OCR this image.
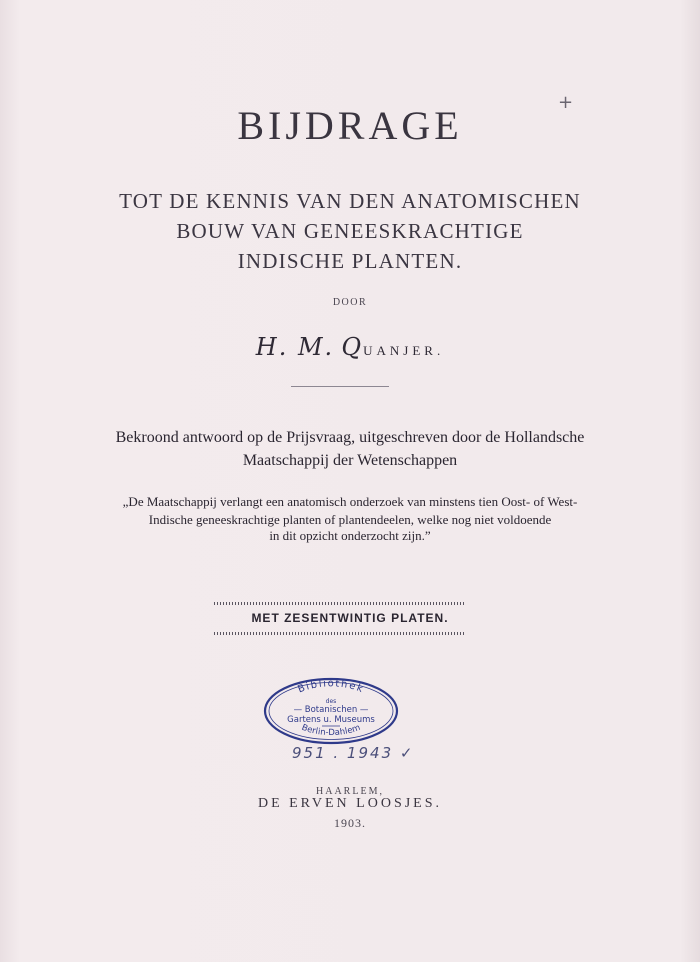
+
BIJDRAGE
TOT DE KENNIS VAN DEN ANATOMISCHEN
BOUW VAN GENEESKRACHTIGE
INDISCHE PLANTEN.
DOOR
H. M. QUANJER.
Bekroond antwoord op de Prijsvraag, uitgeschreven door de Hollandsche
Maatschappij der Wetenschappen
„De Maatschappij verlangt een anatomisch onderzoek van minstens tien Oost- of West-
Indische geneeskrachtige planten of plantendeelen, welke nog niet voldoende
in dit opzicht onderzocht zijn.”
MET ZESENTWINTIG PLATEN.
Bibliothek
des
— Botanischen —
Gartens u. Museums
Berlin-Dahlem
951 . 1943 ✓
HAARLEM,
DE ERVEN LOOSJES.
1903.
